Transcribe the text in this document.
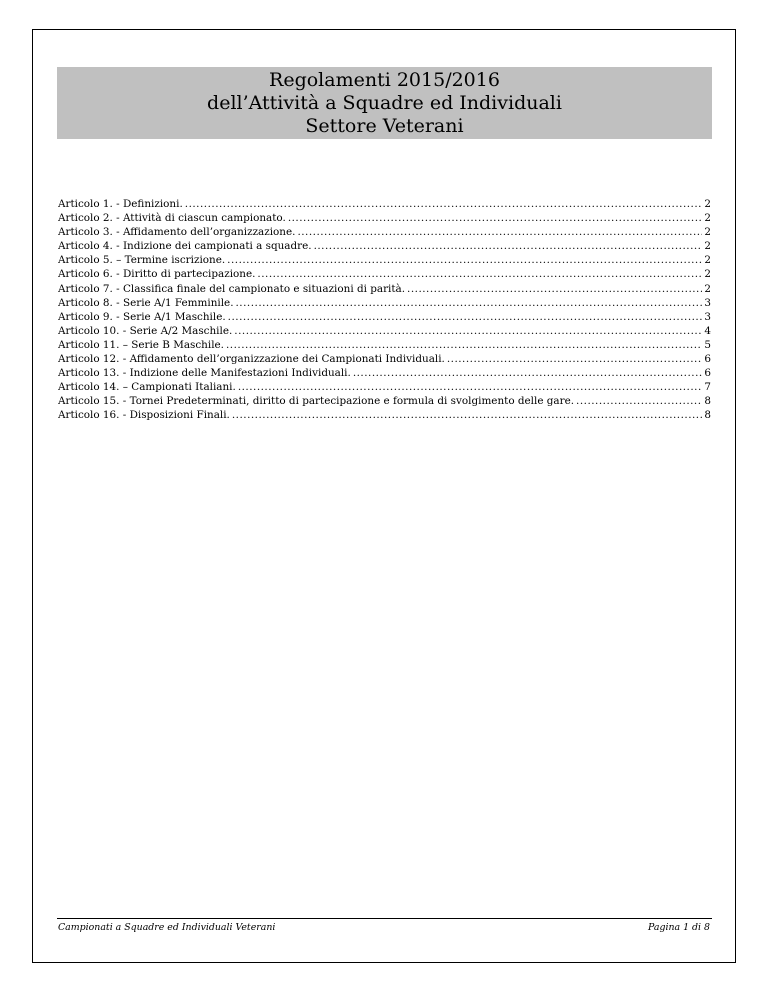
Regolamenti 2015/2016
dell’Attività a Squadre ed Individuali
Settore Veterani
Articolo 1. - Definizioni. .....	2
Articolo 2. - Attività di ciascun campionato. .....	2
Articolo 3. - Affidamento dell’organizzazione. .....	2
Articolo 4. - Indizione dei campionati a squadre. .....	2
Articolo 5. – Termine iscrizione. .....	2
Articolo 6. - Diritto di partecipazione. .....	2
Articolo 7. - Classifica finale del campionato e situazioni di parità. .....	2
Articolo 8. - Serie A/1 Femminile. .....	3
Articolo 9. - Serie A/1 Maschile. .....	3
Articolo 10. - Serie A/2 Maschile. .....	4
Articolo 11. – Serie B Maschile. .....	5
Articolo 12. - Affidamento dell’organizzazione dei Campionati Individuali. .....	6
Articolo 13. - Indizione delle Manifestazioni Individuali. .....	6
Articolo 14. – Campionati Italiani. .....	7
Articolo 15. - Tornei Predeterminati, diritto di partecipazione e formula di svolgimento delle gare. .....	8
Articolo 16. - Disposizioni Finali. .....	8
Campionati a Squadre ed Individuali Veterani	Pagina 1 di 8
